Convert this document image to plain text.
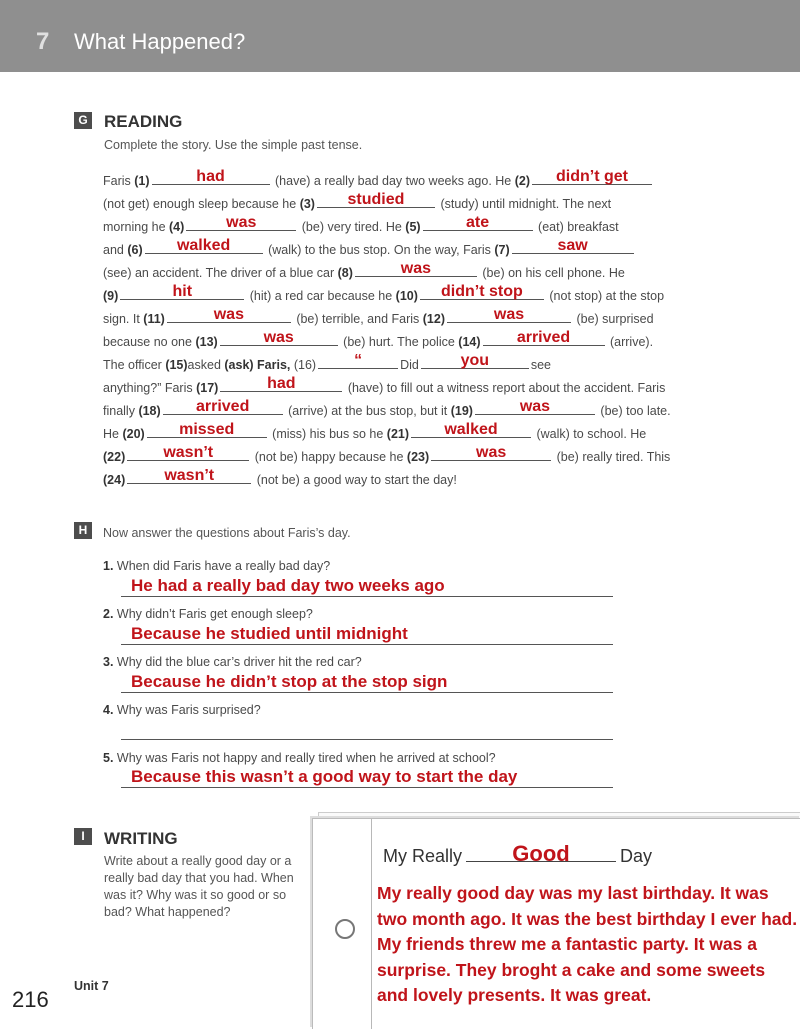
7 What Happened?
G READING
Complete the story. Use the simple past tense.
Faris (1)	had	(have) a really bad day two weeks ago. He (2)	didn’t get
(not get) enough sleep because he (3)	studied	(study) until midnight. The next
morning he (4)	was	(be) very tired. He (5)	ate	(eat) breakfast
and (6)	walked	(walk) to the bus stop. On the way, Faris (7)	saw
(see) an accident. The driver of a blue car (8)	was	(be) on his cell phone. He
(9)	hit	(hit) a red car because he (10)	didn’t stop	(not stop) at the stop
sign. It (11)	was	(be) terrible, and Faris (12)	was	(be) surprised
because no one (13)	was	(be) hurt. The police (14)	arrived	(arrive).
The officer (15)asked (ask) Faris, (16)	“	Did	you	see
anything?” Faris (17)	had	(have) to fill out a witness report about the accident. Faris
finally (18)	arrived	(arrive) at the bus stop, but it (19)	was	(be) too late.
He (20)	missed	(miss) his bus so he (21)	walked	(walk) to school. He
(22)	wasn’t	(not be) happy because he (23)	was	(be) really tired. This
(24)	wasn’t	(not be) a good way to start the day!
H	Now answer the questions about Faris’s day.
1. When did Faris have a really bad day?
He had a really bad day two weeks ago
2. Why didn’t Faris get enough sleep?
Because he studied until midnight
3. Why did the blue car’s driver hit the red car?
Because he didn’t stop at the stop sign
4. Why was Faris surprised?
5. Why was Faris not happy and really tired when he arrived at school?
Because this wasn’t a good way to start the day
I	WRITING
Write about a really good day or a really bad day that you had. When was it? Why was it so good or so bad? What happened?
Unit 7
216
My Really	Good	Day
My really good day was my last birthday. It was two month ago. It was the best birthday I ever had. My friends threw me a fantastic party. It was a surprise. They broght a cake and some sweets and lovely presents. It was great.
